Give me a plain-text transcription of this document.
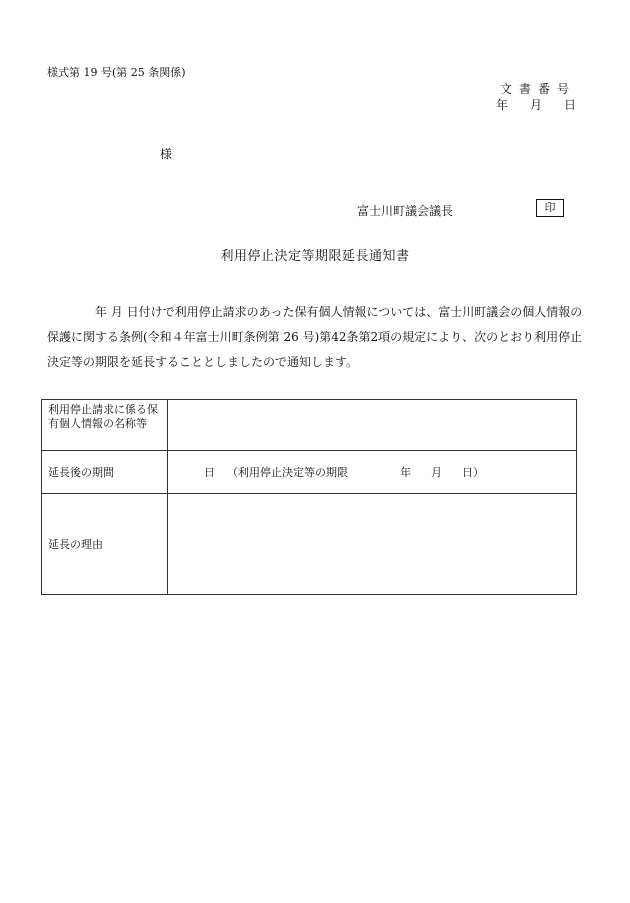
様式第 19 号(第 25 条関係)
文書番号
年 月 日
様
富士川町議会議長	印
利用停止決定等期限延長通知書
年 月 日付けで利用停止請求のあった保有個人情報については、富士川町議会の個人情報の保護に関する条例(令和４年富士川町条例第 26 号)第42条第2項の規定により、次のとおり利用停止決定等の期限を延長することとしましたので通知します。
利用停止請求に係る保有個人情報の名称等	
延長後の期間	日 （利用停止決定等の期限 年 月 日）

延長の理由	
